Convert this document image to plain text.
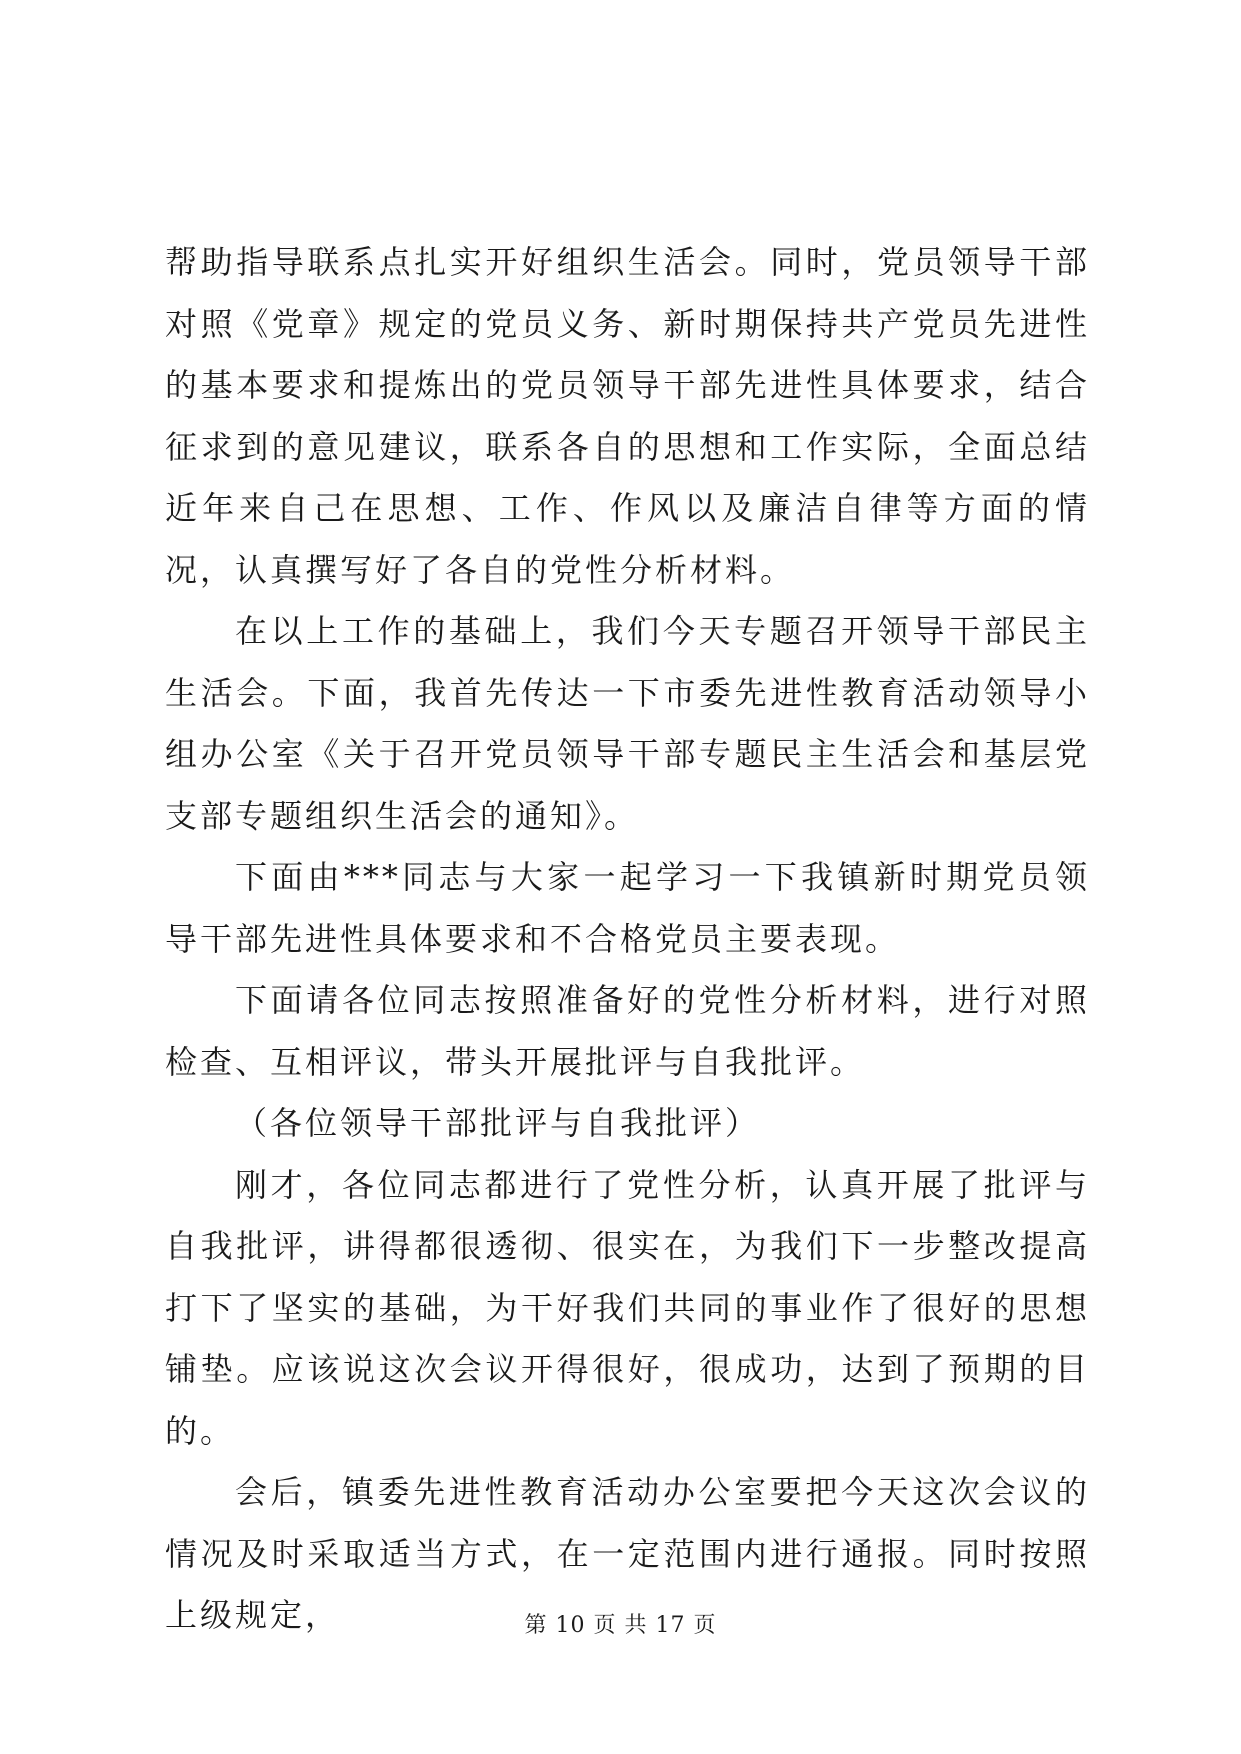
帮助指导联系点扎实开好组织生活会。同时，党员领导干部对照《党章》规定的党员义务、新时期保持共产党员先进性的基本要求和提炼出的党员领导干部先进性具体要求，结合征求到的意见建议，联系各自的思想和工作实际，全面总结近年来自己在思想、工作、作风以及廉洁自律等方面的情况，认真撰写好了各自的党性分析材料。

在以上工作的基础上，我们今天专题召开领导干部民主生活会。下面，我首先传达一下市委先进性教育活动领导小组办公室《关于召开党员领导干部专题民主生活会和基层党支部专题组织生活会的通知》。

下面由***同志与大家一起学习一下我镇新时期党员领导干部先进性具体要求和不合格党员主要表现。

下面请各位同志按照准备好的党性分析材料，进行对照检查、互相评议，带头开展批评与自我批评。

（各位领导干部批评与自我批评）

刚才，各位同志都进行了党性分析，认真开展了批评与自我批评，讲得都很透彻、很实在，为我们下一步整改提高打下了坚实的基础，为干好我们共同的事业作了很好的思想铺垫。应该说这次会议开得很好，很成功，达到了预期的目的。

会后，镇委先进性教育活动办公室要把今天这次会议的情况及时采取适当方式，在一定范围内进行通报。同时按照上级规定，	第 10 页 共 17 页
